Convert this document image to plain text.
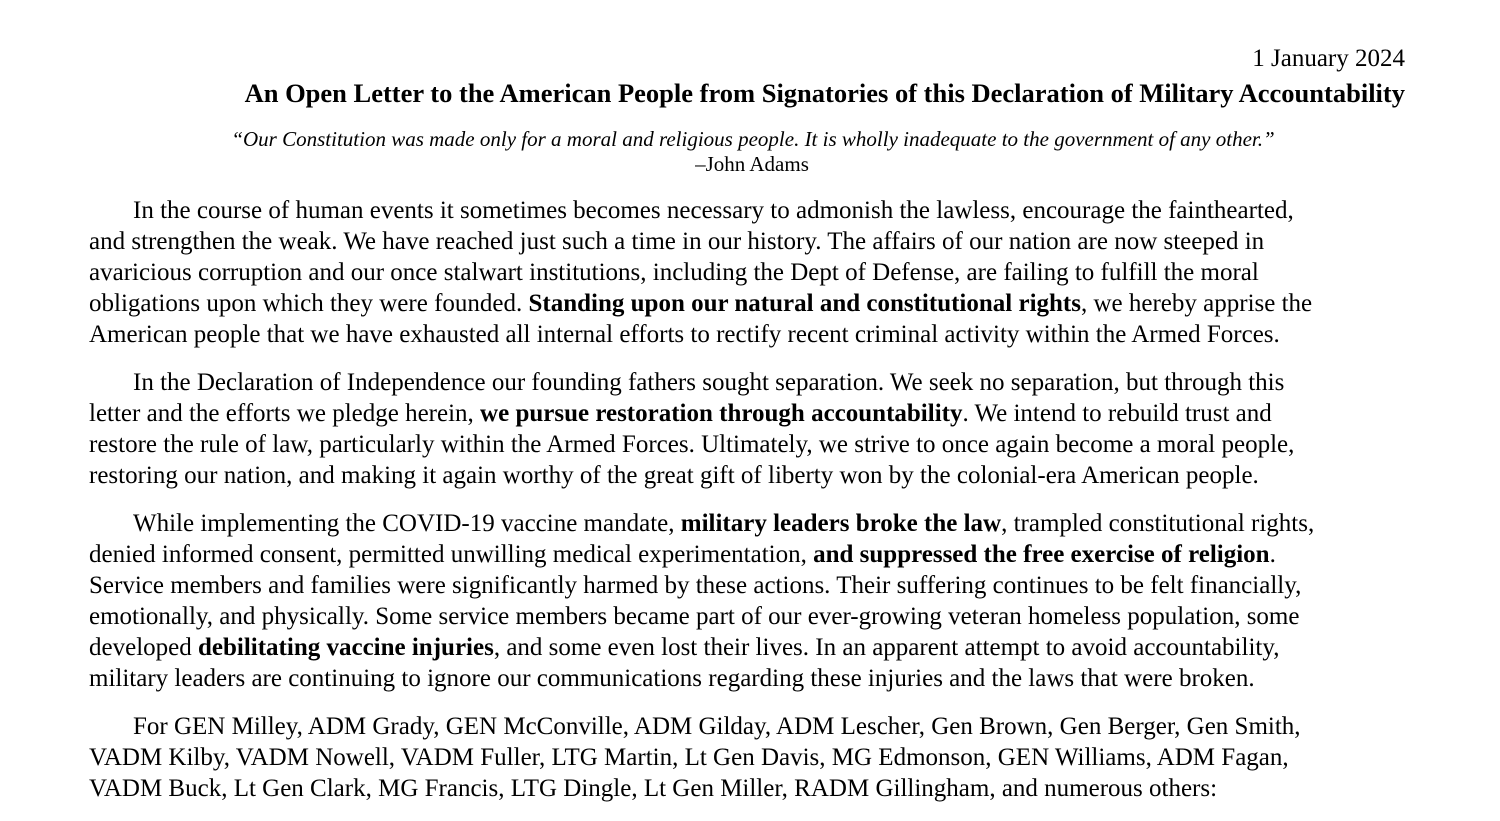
1 January 2024
An Open Letter to the American People from Signatories of this Declaration of Military Accountability
“Our Constitution was made only for a moral and religious people. It is wholly inadequate to the government of any other.”
–John Adams
In the course of human events it sometimes becomes necessary to admonish the lawless, encourage the fainthearted,
and strengthen the weak. We have reached just such a time in our history. The affairs of our nation are now steeped in
avaricious corruption and our once stalwart institutions, including the Dept of Defense, are failing to fulfill the moral
obligations upon which they were founded. Standing upon our natural and constitutional rights, we hereby apprise the
American people that we have exhausted all internal efforts to rectify recent criminal activity within the Armed Forces.
In the Declaration of Independence our founding fathers sought separation. We seek no separation, but through this
letter and the efforts we pledge herein, we pursue restoration through accountability. We intend to rebuild trust and
restore the rule of law, particularly within the Armed Forces. Ultimately, we strive to once again become a moral people,
restoring our nation, and making it again worthy of the great gift of liberty won by the colonial-era American people.
While implementing the COVID-19 vaccine mandate, military leaders broke the law, trampled constitutional rights,
denied informed consent, permitted unwilling medical experimentation, and suppressed the free exercise of religion.
Service members and families were significantly harmed by these actions. Their suffering continues to be felt financially,
emotionally, and physically. Some service members became part of our ever-growing veteran homeless population, some
developed debilitating vaccine injuries, and some even lost their lives. In an apparent attempt to avoid accountability,
military leaders are continuing to ignore our communications regarding these injuries and the laws that were broken.
For GEN Milley, ADM Grady, GEN McConville, ADM Gilday, ADM Lescher, Gen Brown, Gen Berger, Gen Smith,
VADM Kilby, VADM Nowell, VADM Fuller, LTG Martin, Lt Gen Davis, MG Edmonson, GEN Williams, ADM Fagan,
VADM Buck, Lt Gen Clark, MG Francis, LTG Dingle, Lt Gen Miller, RADM Gillingham, and numerous others:
